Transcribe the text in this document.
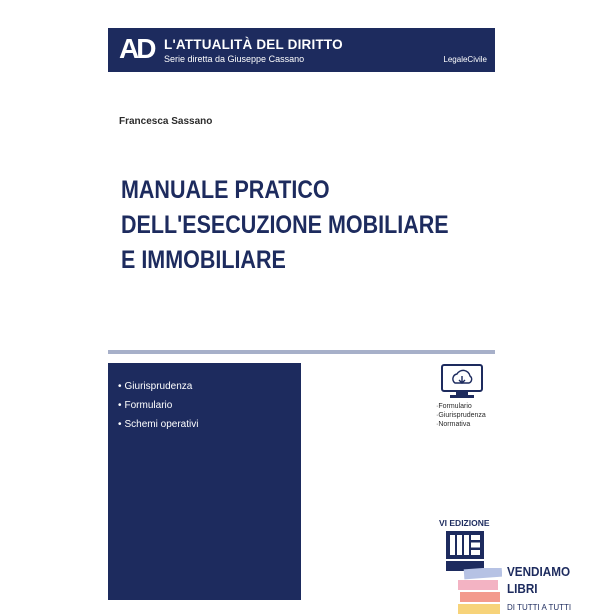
AD L'ATTUALITÀ DEL DIRITTO
Serie diretta da Giuseppe Cassano	LegaleCivile
Francesca Sassano
MANUALE PRATICO
DELL'ESECUZIONE MOBILIARE
E IMMOBILIARE
• Giurisprudenza
• Formulario
• Schemi operativi
· Formulario
· Giurisprudenza
· Normativa
VI EDIZIONE
VENDIAMO
LIBRI
DI TUTTI A TUTTI
